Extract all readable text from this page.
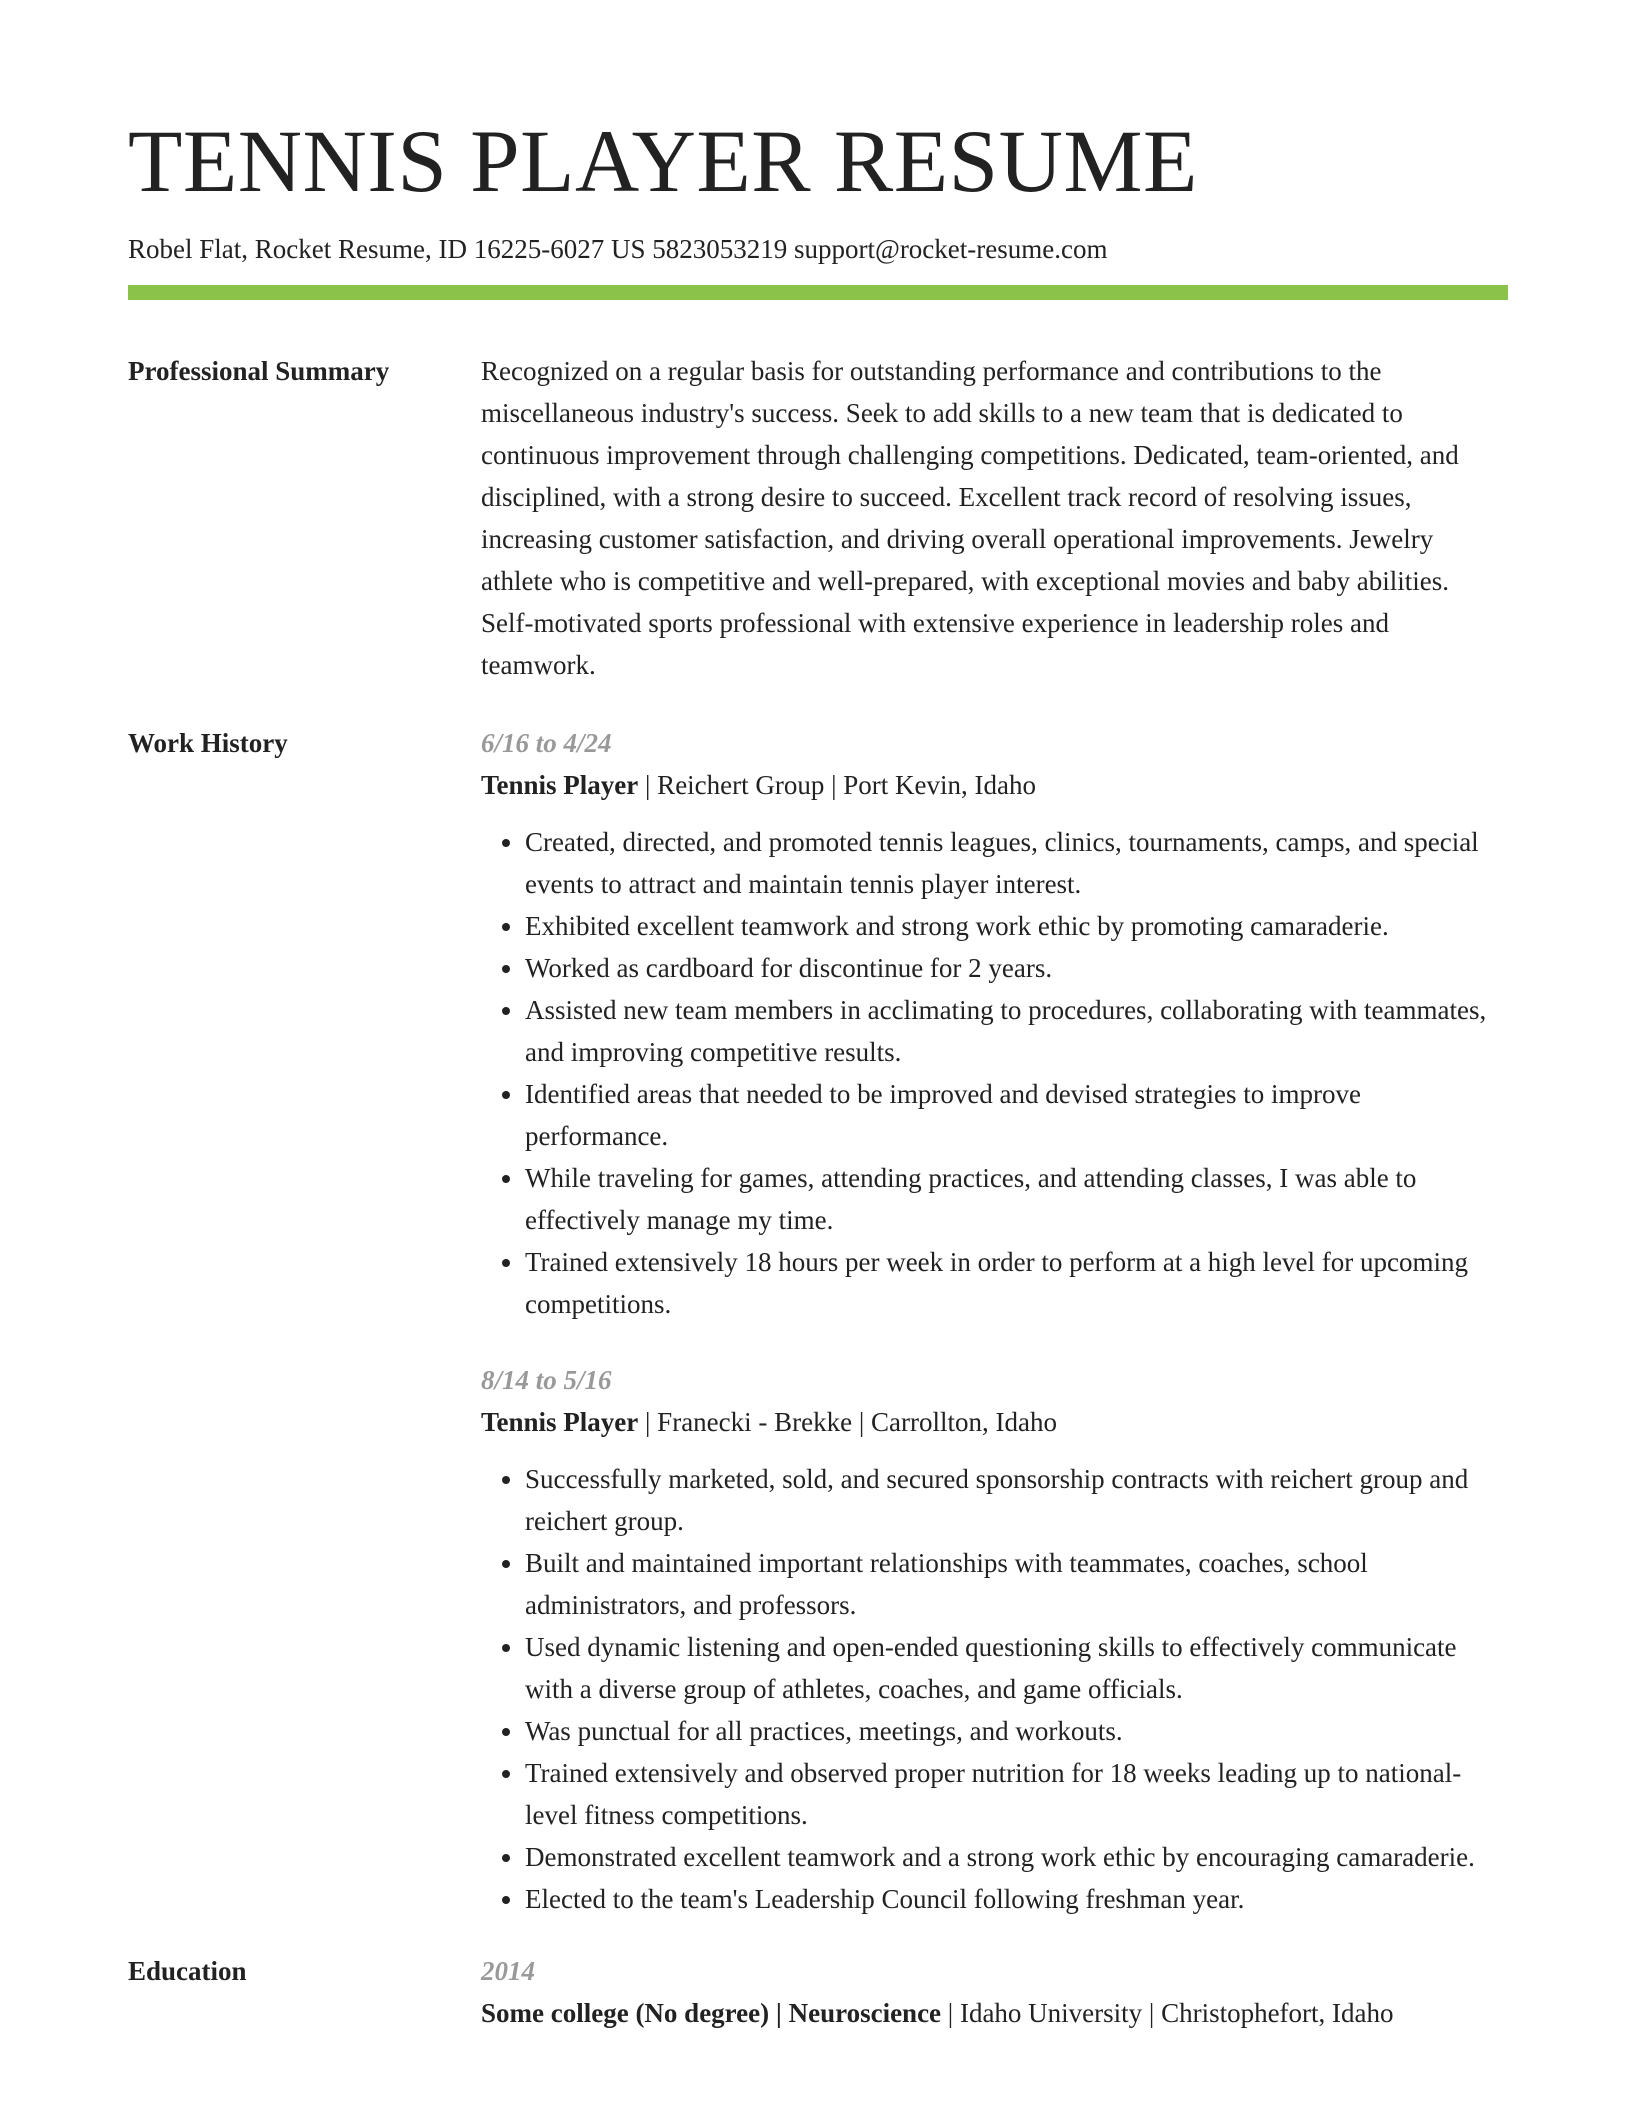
TENNIS PLAYER RESUME
Robel Flat, Rocket Resume, ID 16225-6027 US 5823053219 support@rocket-resume.com
Professional Summary	Recognized on a regular basis for outstanding performance and contributions to the miscellaneous industry's success. Seek to add skills to a new team that is dedicated to continuous improvement through challenging competitions. Dedicated, team-oriented, and disciplined, with a strong desire to succeed. Excellent track record of resolving issues, increasing customer satisfaction, and driving overall operational improvements. Jewelry athlete who is competitive and well-prepared, with exceptional movies and baby abilities. Self-motivated sports professional with extensive experience in leadership roles and teamwork.

Work History	6/16 to 4/24
Tennis Player | Reichert Group | Port Kevin, Idaho
• Created, directed, and promoted tennis leagues, clinics, tournaments, camps, and special events to attract and maintain tennis player interest.
• Exhibited excellent teamwork and strong work ethic by promoting camaraderie.
• Worked as cardboard for discontinue for 2 years.
• Assisted new team members in acclimating to procedures, collaborating with teammates, and improving competitive results.
• Identified areas that needed to be improved and devised strategies to improve performance.
• While traveling for games, attending practices, and attending classes, I was able to effectively manage my time.
• Trained extensively 18 hours per week in order to perform at a high level for upcoming competitions.
8/14 to 5/16
Tennis Player | Franecki - Brekke | Carrollton, Idaho
• Successfully marketed, sold, and secured sponsorship contracts with reichert group and reichert group.
• Built and maintained important relationships with teammates, coaches, school administrators, and professors.
• Used dynamic listening and open-ended questioning skills to effectively communicate with a diverse group of athletes, coaches, and game officials.
• Was punctual for all practices, meetings, and workouts.
• Trained extensively and observed proper nutrition for 18 weeks leading up to national-level fitness competitions.
• Demonstrated excellent teamwork and a strong work ethic by encouraging camaraderie.
• Elected to the team's Leadership Council following freshman year.
Education	2014
Some college (No degree) | Neuroscience | Idaho University | Christophefort, Idaho
